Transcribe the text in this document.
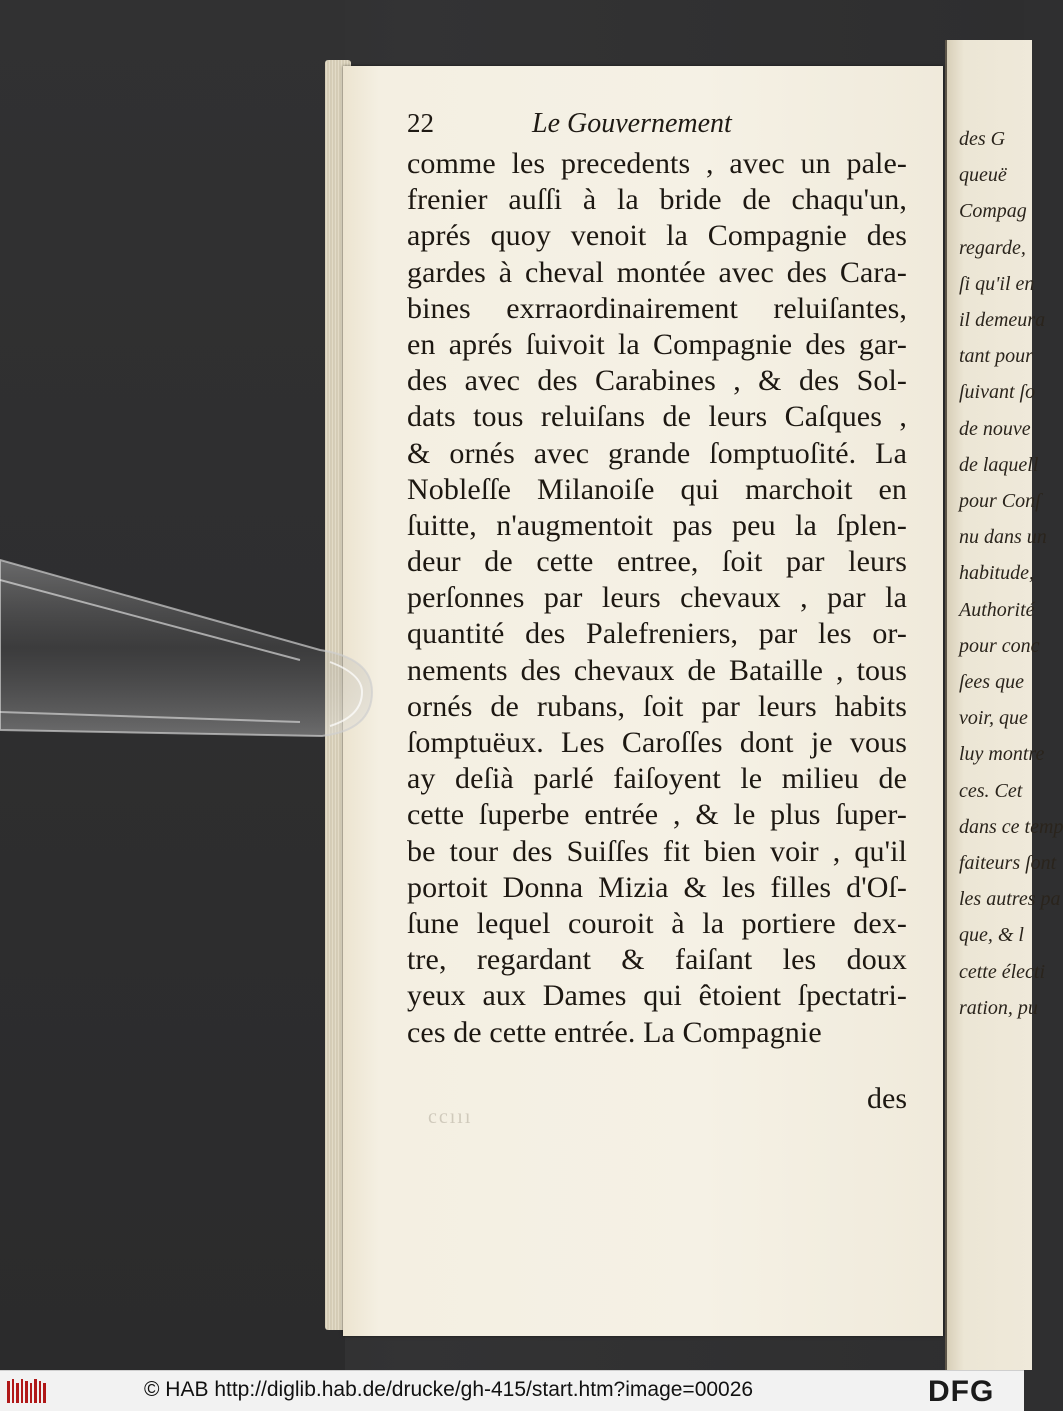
des G
queuë
Compag
regarde,
ſi qu'il en
il demeura
tant pour
ſuivant ſo
de nouve
de laquell
pour Conſ
nu dans un
habitude,
Authorité
pour conc
ſees que
voir, que
luy montre
ces. Cet
dans ce temp
faiteurs ſont
les autres pa
que, & l
cette électi
ration, pu
22	Le Gouvernement
comme les precedents , avec un pale-
frenier auſſi à la bride de chaqu'un,
aprés quoy venoit la Compagnie des
gardes à cheval montée avec des Cara-
bines exrraordinairement reluiſantes,
en aprés ſuivoit la Compagnie des gar-
des avec des Carabines , & des Sol-
dats tous reluiſans de leurs Caſques ,
& ornés avec grande ſomptuoſité. La
Nobleſſe Milanoiſe qui marchoit en
ſuitte, n'augmentoit pas peu la ſplen-
deur de cette entree, ſoit par leurs
perſonnes par leurs chevaux , par la
quantité des Palefreniers, par les or-
nements des chevaux de Bataille , tous
ornés de rubans, ſoit par leurs habits
ſomptuëux. Les Caroſſes dont je vous
ay deſià parlé faiſoyent le milieu de
cette ſuperbe entrée , & le plus ſuper-
be tour des Suiſſes fit bien voir , qu'il
portoit Donna Mizia & les filles d'Oſ-
ſune lequel couroit à la portiere dex-
tre, regardant & faiſant les doux
yeux aux Dames qui êtoient ſpectatri-
ces de cette entrée. La Compagnie
ccııı
des
© HAB http://diglib.hab.de/drucke/gh-415/start.htm?image=00026	DFG
